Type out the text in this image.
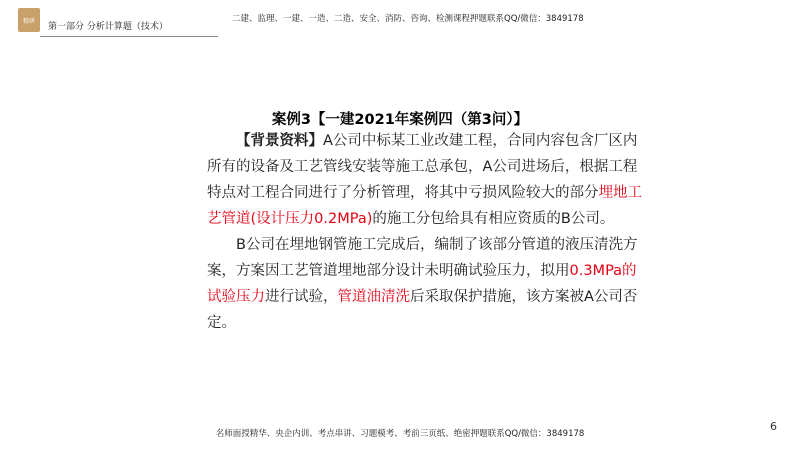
精研
第一部分 分析计算题（技术）
二建、监理、一建、一造、二造、安全、消防、咨询、检测课程押题联系QQ/微信：3849178
案例3【一建2021年案例四（第3问）】

  【背景资料】A公司中标某工业改建工程，合同内容包含厂区内所有的设备及工艺管线安装等施工总承包，A公司进场后，根据工程特点对工程合同进行了分析管理，将其中亏损风险较大的部分埋地工艺管道(设计压力0.2MPa)的施工分包给具有相应资质的B公司。

  B公司在埋地钢管施工完成后，编制了该部分管道的液压清洗方案，方案因工艺管道埋地部分设计未明确试验压力，拟用0.3MPa的试验压力进行试验，管道油清洗后采取保护措施，该方案被A公司否定。

6
名师面授精华、央企内训、考点串讲、习题模考、考前三页纸、绝密押题联系QQ/微信：3849178
